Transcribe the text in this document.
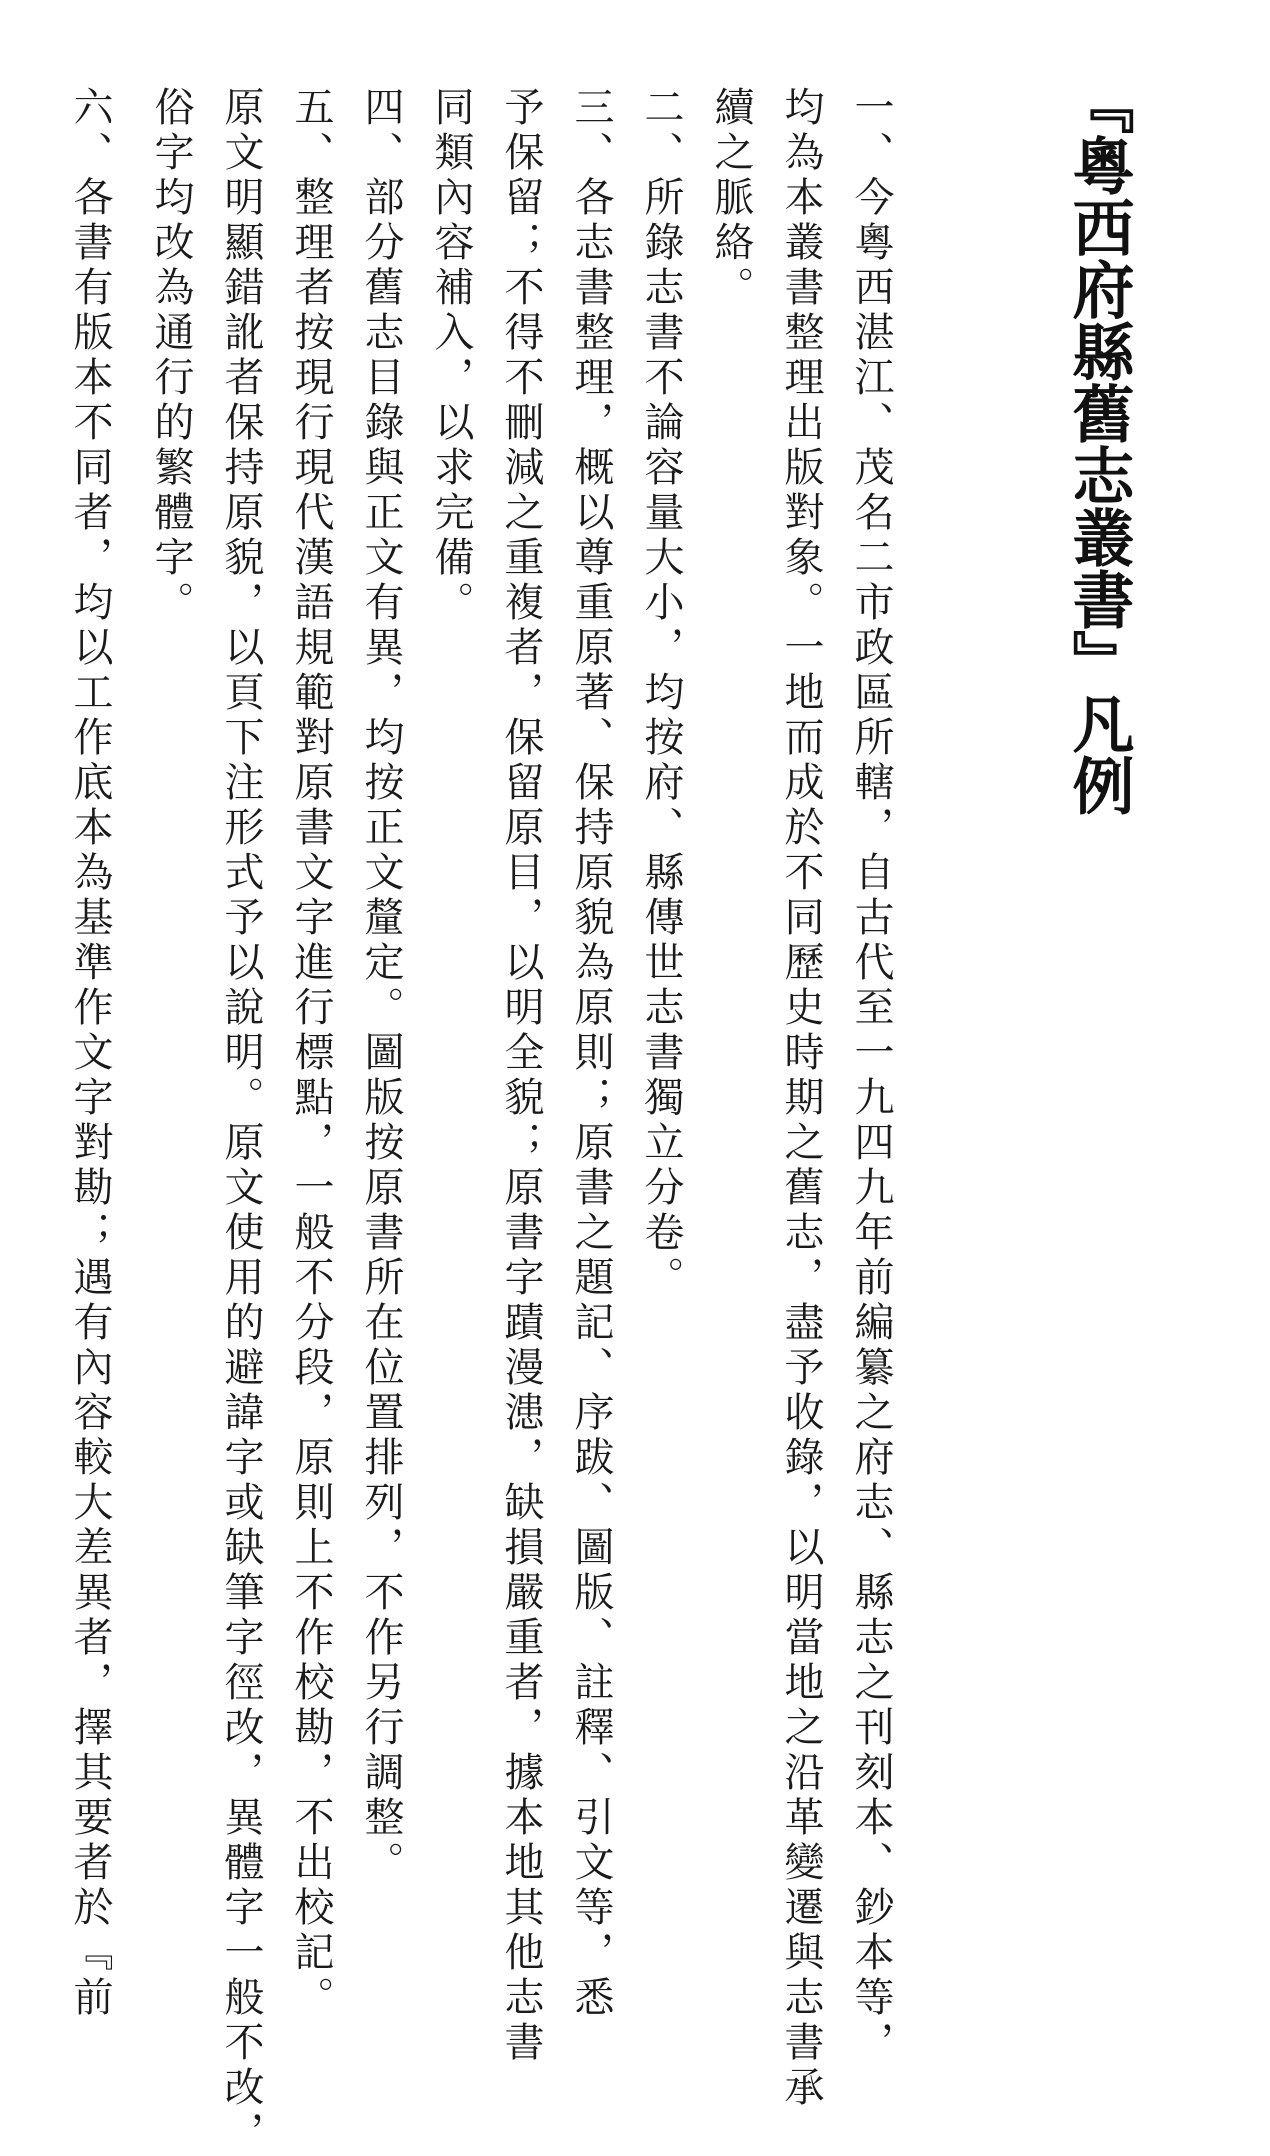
『粵西府縣舊志叢書』凡例
一、今粵西湛江、茂名二市政區所轄，自古代至一九四九年前編纂之府志、縣志之刊刻本、鈔本等，
均為本叢書整理出版對象。一地而成於不同歷史時期之舊志，盡予收錄，以明當地之沿革變遷與志書承
續之脈絡。
二、所錄志書不論容量大小，均按府、縣傳世志書獨立分卷。
三、各志書整理，概以尊重原著、保持原貌為原則；原書之題記、序跋、圖版、註釋、引文等，悉
予保留；不得不刪減之重複者，保留原目，以明全貌；原書字蹟漫漶，缺損嚴重者，據本地其他志書
同類內容補入，以求完備。
四、部分舊志目錄與正文有異，均按正文釐定。圖版按原書所在位置排列，不作另行調整。
五、整理者按現行現代漢語規範對原書文字進行標點，一般不分段，原則上不作校勘，不出校記。
原文明顯錯訛者保持原貌，以頁下注形式予以說明。原文使用的避諱字或缺筆字徑改，異體字一般不改，
俗字均改為通行的繁體字。
六、各書有版本不同者，均以工作底本為基準作文字對勘；遇有內容較大差異者，擇其要者於『前
